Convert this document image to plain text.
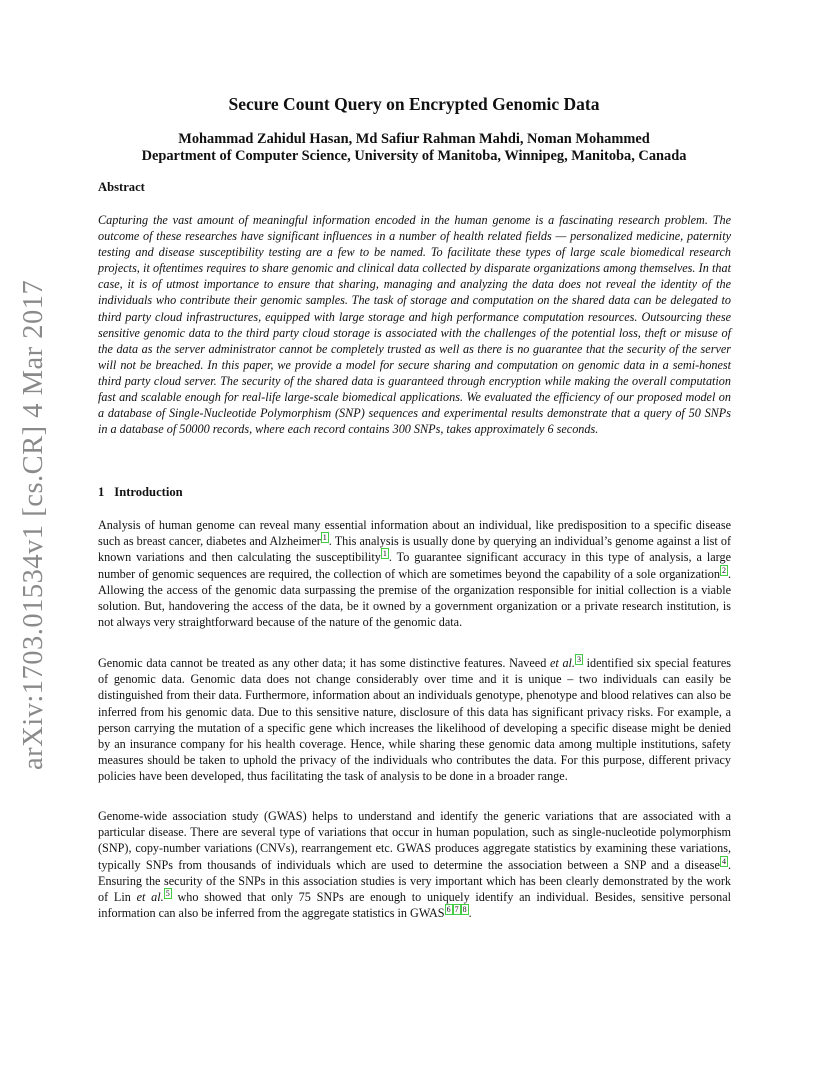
arXiv:1703.01534v1 [cs.CR] 4 Mar 2017
Secure Count Query on Encrypted Genomic Data
Mohammad Zahidul Hasan, Md Safiur Rahman Mahdi, Noman Mohammed
Department of Computer Science, University of Manitoba, Winnipeg, Manitoba, Canada
Abstract
Capturing the vast amount of meaningful information encoded in the human genome is a fascinating research problem. The outcome of these researches have significant influences in a number of health related fields — personalized medicine, paternity testing and disease susceptibility testing are a few to be named. To facilitate these types of large scale biomedical research projects, it oftentimes requires to share genomic and clinical data collected by disparate organizations among themselves. In that case, it is of utmost importance to ensure that sharing, managing and analyzing the data does not reveal the identity of the individuals who contribute their genomic samples. The task of storage and computation on the shared data can be delegated to third party cloud infrastructures, equipped with large storage and high performance computation resources. Outsourcing these sensitive genomic data to the third party cloud storage is associated with the challenges of the potential loss, theft or misuse of the data as the server administrator cannot be completely trusted as well as there is no guarantee that the security of the server will not be breached. In this paper, we provide a model for secure sharing and computation on genomic data in a semi-honest third party cloud server. The security of the shared data is guaranteed through encryption while making the overall computation fast and scalable enough for real-life large-scale biomedical applications. We evaluated the efficiency of our proposed model on a database of Single-Nucleotide Polymorphism (SNP) sequences and experimental results demonstrate that a query of 50 SNPs in a database of 50000 records, where each record contains 300 SNPs, takes approximately 6 seconds.
1 Introduction
Analysis of human genome can reveal many essential information about an individual, like predisposition to a specific disease such as breast cancer, diabetes and Alzheimer $^1$ . This analysis is usually done by querying an individual’s genome against a list of known variations and then calculating the susceptibility $^1$ . To guarantee significant accuracy in this type of analysis, a large number of genomic sequences are required, the collection of which are sometimes beyond the capability of a sole organization $^2$ . Allowing the access of the genomic data surpassing the premise of the organization responsible for initial collection is a viable solution. But, handovering the access of the data, be it owned by a government organization or a private research institution, is not always very straightforward because of the nature of the genomic data.
Genomic data cannot be treated as any other data; it has some distinctive features. Naveed et al. $^3$ identified six special features of genomic data. Genomic data does not change considerably over time and it is unique – two individuals can easily be distinguished from their data. Furthermore, information about an individuals genotype, phenotype and blood relatives can also be inferred from his genomic data. Due to this sensitive nature, disclosure of this data has significant privacy risks. For example, a person carrying the mutation of a specific gene which increases the likelihood of developing a specific disease might be denied by an insurance company for his health coverage. Hence, while sharing these genomic data among multiple institutions, safety measures should be taken to uphold the privacy of the individuals who contributes the data. For this purpose, different privacy policies have been developed, thus facilitating the task of analysis to be done in a broader range.
Genome-wide association study (GWAS) helps to understand and identify the generic variations that are associated with a particular disease. There are several type of variations that occur in human population, such as single-nucleotide polymorphism (SNP), copy-number variations (CNVs), rearrangement etc. GWAS produces aggregate statistics by examining these variations, typically SNPs from thousands of individuals which are used to determine the association between a SNP and a disease $^4$ . Ensuring the security of the SNPs in this association studies is very important which has been clearly demonstrated by the work of Lin et al. $^5$ who showed that only 75 SNPs are enough to uniquely identify an individual. Besides, sensitive personal information can also be inferred from the aggregate statistics in GWAS $^6$ $^7$ $^8$ .
